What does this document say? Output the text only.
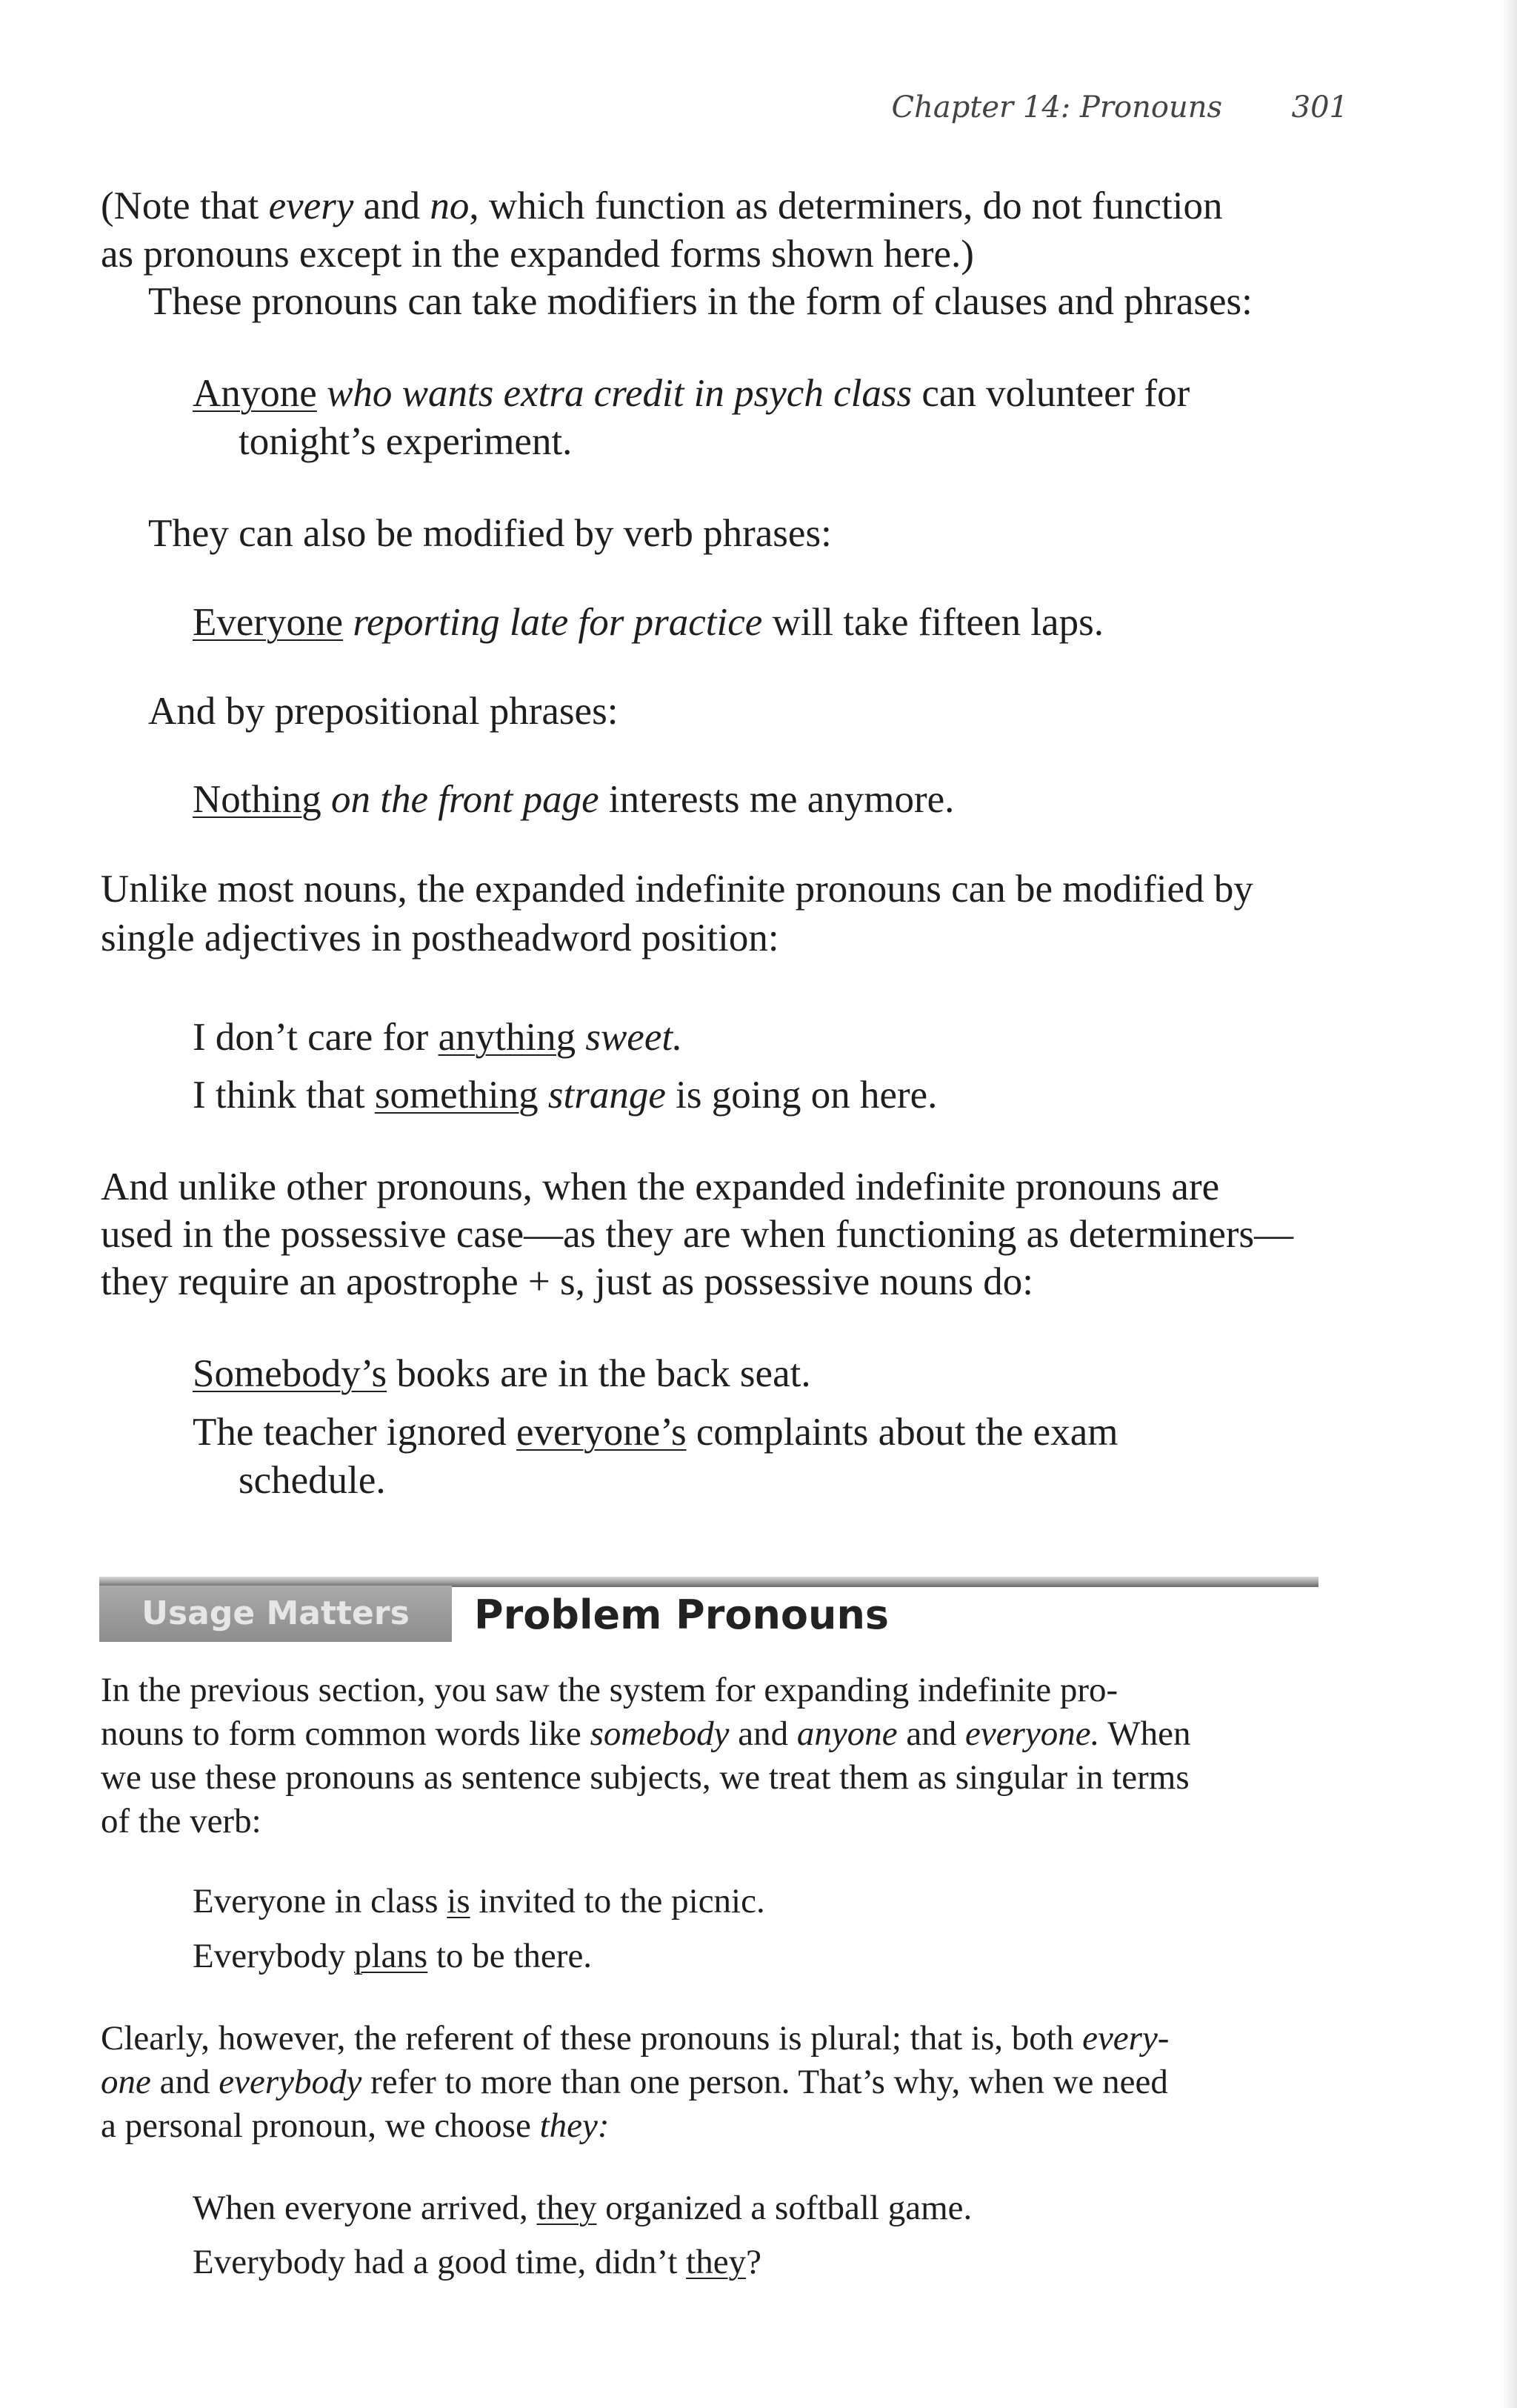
Chapter 14: Pronouns 301
(Note that every and no, which function as determiners, do not function
as pronouns except in the expanded forms shown here.)
These pronouns can take modifiers in the form of clauses and phrases:
Anyone who wants extra credit in psych class can volunteer for
tonight’s experiment.
They can also be modified by verb phrases:
Everyone reporting late for practice will take fifteen laps.
And by prepositional phrases:
Nothing on the front page interests me anymore.
Unlike most nouns, the expanded indefinite pronouns can be modified by
single adjectives in postheadword position:
I don’t care for anything sweet.
I think that something strange is going on here.
And unlike other pronouns, when the expanded indefinite pronouns are
used in the possessive case—as they are when functioning as determiners—
they require an apostrophe + s, just as possessive nouns do:
Somebody’s books are in the back seat.
The teacher ignored everyone’s complaints about the exam
schedule.
Usage Matters	Problem Pronouns
In the previous section, you saw the system for expanding indefinite pro-
nouns to form common words like somebody and anyone and everyone. When
we use these pronouns as sentence subjects, we treat them as singular in terms
of the verb:
Everyone in class is invited to the picnic.
Everybody plans to be there.
Clearly, however, the referent of these pronouns is plural; that is, both every-
one and everybody refer to more than one person. That’s why, when we need
a personal pronoun, we choose they:
When everyone arrived, they organized a softball game.
Everybody had a good time, didn’t they?
